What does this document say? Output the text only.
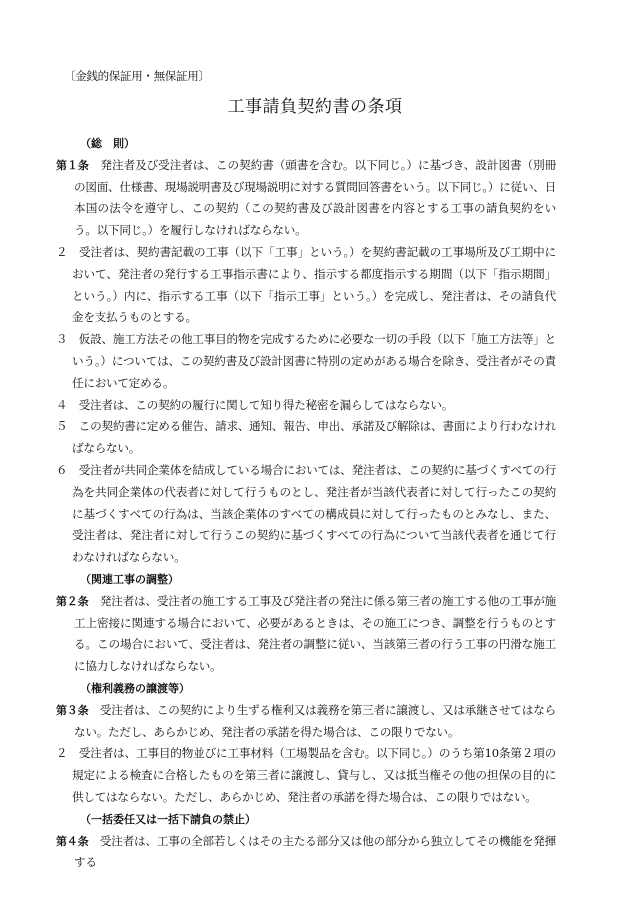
〔金銭的保証用・無保証用〕
工事請負契約書の条項

（総　則）

第１条　発注者及び受注者は、この契約書（頭書を含む。以下同じ。）に基づき、設計図書（別冊の図面、仕様書、現場説明書及び現場説明に対する質問回答書をいう。以下同じ。）に従い、日本国の法令を遵守し、この契約（この契約書及び設計図書を内容とする工事の請負契約をいう。以下同じ。）を履行しなければならない。

２　受注者は、契約書記載の工事（以下「工事」という。）を契約書記載の工事場所及び工期中において、発注者の発行する工事指示書により、指示する都度指示する期間（以下「指示期間」という。）内に、指示する工事（以下「指示工事」という。）を完成し、発注者は、その請負代金を支払うものとする。

３　仮設、施工方法その他工事目的物を完成するために必要な一切の手段（以下「施工方法等」という。）については、この契約書及び設計図書に特別の定めがある場合を除き、受注者がその責任において定める。

４　受注者は、この契約の履行に関して知り得た秘密を漏らしてはならない。

５　この契約書に定める催告、請求、通知、報告、申出、承諾及び解除は、書面により行わなければならない。

６　受注者が共同企業体を結成している場合においては、発注者は、この契約に基づくすべての行為を共同企業体の代表者に対して行うものとし、発注者が当該代表者に対して行ったこの契約に基づくすべての行為は、当該企業体のすべての構成員に対して行ったものとみなし、また、受注者は、発注者に対して行うこの契約に基づくすべての行為について当該代表者を通じて行わなければならない。

（関連工事の調整）

第２条　発注者は、受注者の施工する工事及び発注者の発注に係る第三者の施工する他の工事が施工上密接に関連する場合において、必要があるときは、その施工につき、調整を行うものとする。この場合において、受注者は、発注者の調整に従い、当該第三者の行う工事の円滑な施工に協力しなければならない。

（権利義務の譲渡等）

第３条　受注者は、この契約により生ずる権利又は義務を第三者に譲渡し、又は承継させてはならない。ただし、あらかじめ、発注者の承諾を得た場合は、この限りでない。

２　受注者は、工事目的物並びに工事材料（工場製品を含む。以下同じ。）のうち第10条第２項の規定による検査に合格したものを第三者に譲渡し、貸与し、又は抵当権その他の担保の目的に供してはならない。ただし、あらかじめ、発注者の承諾を得た場合は、この限りではない。

（一括委任又は一括下請負の禁止）

第４条　受注者は、工事の全部若しくはその主たる部分又は他の部分から独立してその機能を発揮する
